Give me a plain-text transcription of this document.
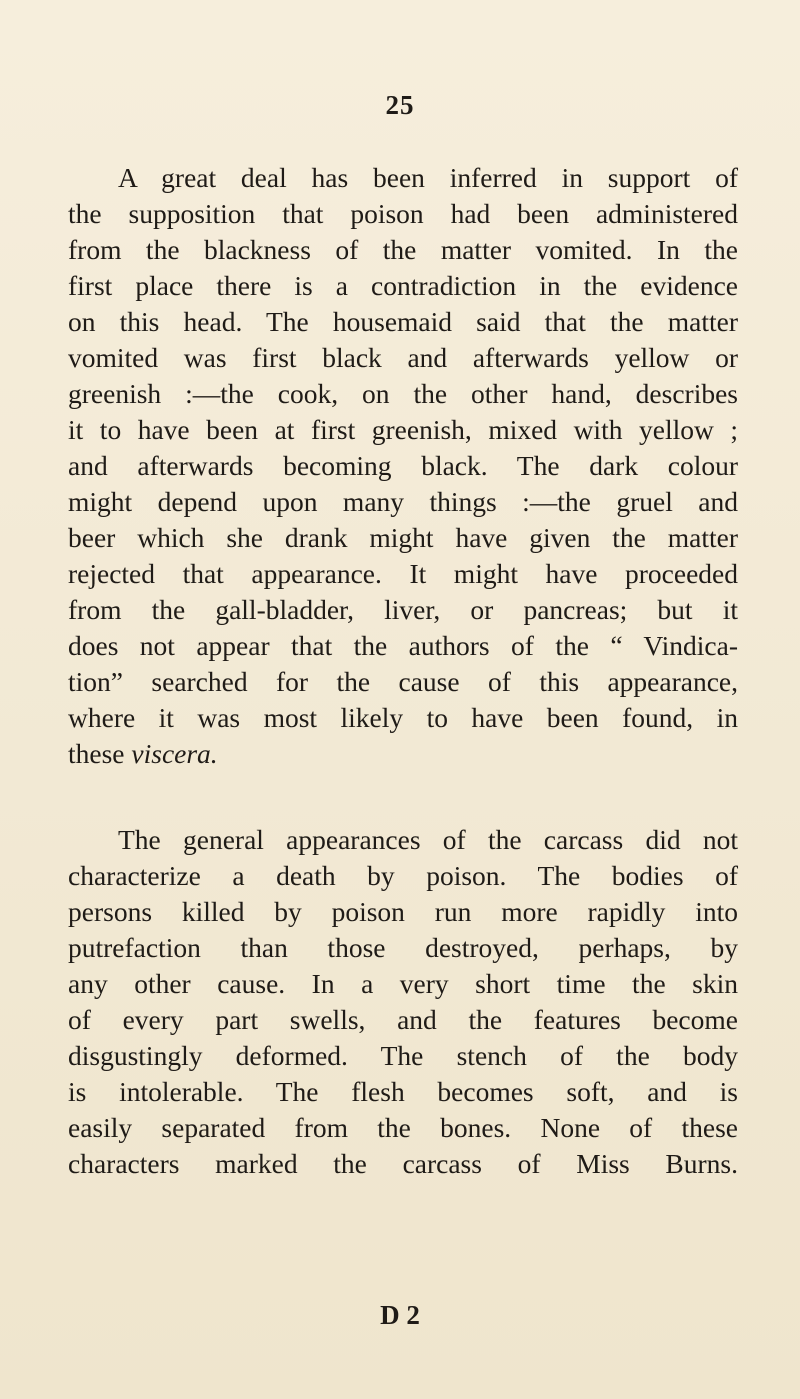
25
A great deal has been inferred in support of
the supposition that poison had been administered
from the blackness of the matter vomited. In the
first place there is a contradiction in the evidence
on this head. The housemaid said that the matter
vomited was first black and afterwards yellow or
greenish :—the cook, on the other hand, describes
it to have been at first greenish, mixed with yellow ;
and afterwards becoming black. The dark colour
might depend upon many things :—the gruel and
beer which she drank might have given the matter
rejected that appearance. It might have proceeded
from the gall-bladder, liver, or pancreas; but it
does not appear that the authors of the “ Vindica-
tion” searched for the cause of this appearance,
where it was most likely to have been found, in
these viscera.
The general appearances of the carcass did not
characterize a death by poison. The bodies of
persons killed by poison run more rapidly into
putrefaction than those destroyed, perhaps, by
any other cause. In a very short time the skin
of every part swells, and the features become
disgustingly deformed. The stench of the body
is intolerable. The flesh becomes soft, and is
easily separated from the bones. None of these
characters marked the carcass of Miss Burns.
D 2
